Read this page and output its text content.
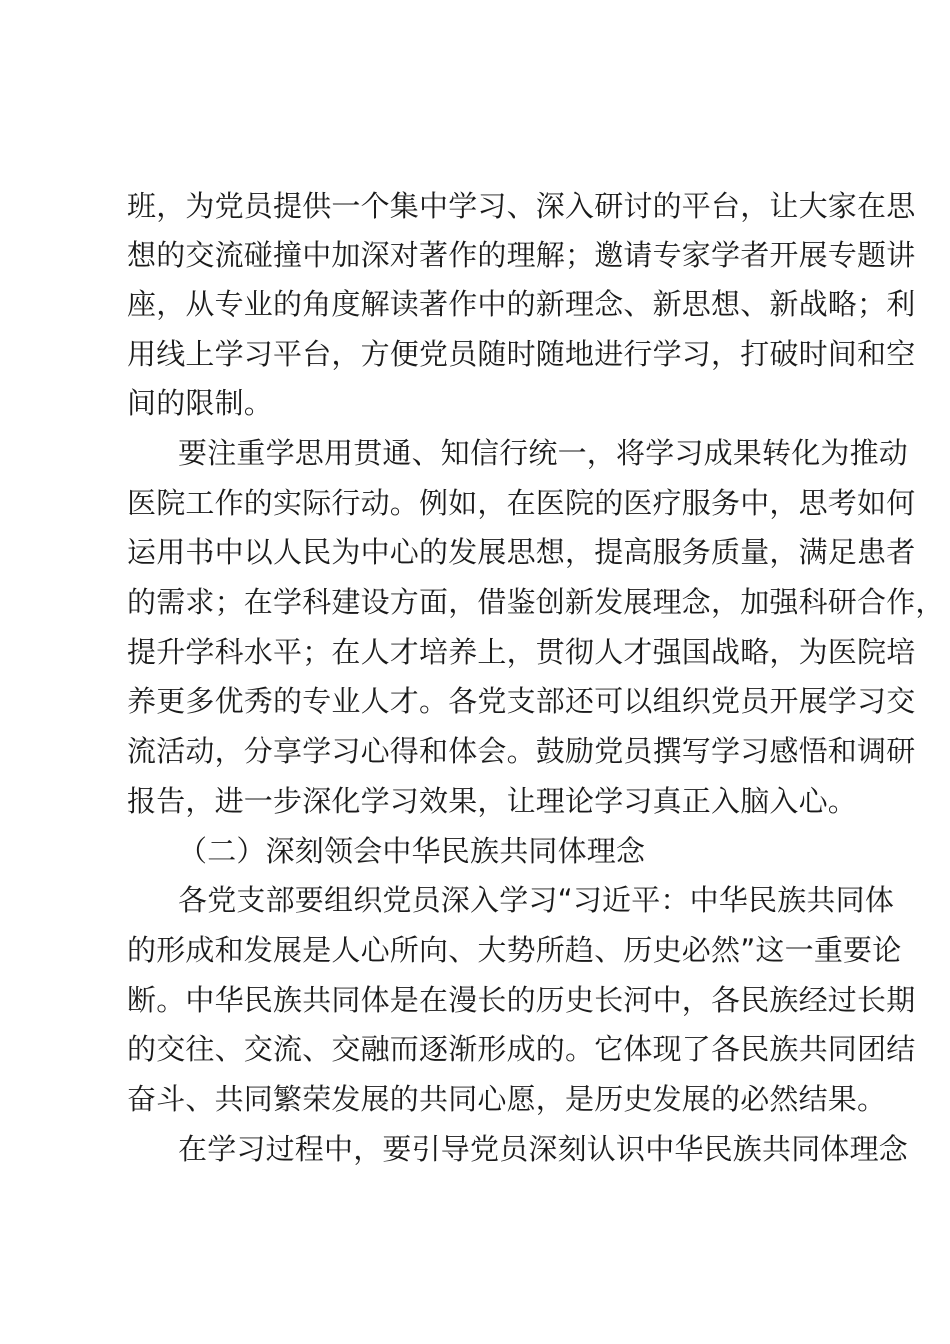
班，为党员提供一个集中学习、深入研讨的平台，让大家在思
想的交流碰撞中加深对著作的理解；邀请专家学者开展专题讲
座，从专业的角度解读著作中的新理念、新思想、新战略；利
用线上学习平台，方便党员随时随地进行学习，打破时间和空
间的限制。
要注重学思用贯通、知信行统一，将学习成果转化为推动
医院工作的实际行动。例如，在医院的医疗服务中，思考如何
运用书中以人民为中心的发展思想，提高服务质量，满足患者
的需求；在学科建设方面，借鉴创新发展理念，加强科研合作，
提升学科水平；在人才培养上，贯彻人才强国战略，为医院培
养更多优秀的专业人才。各党支部还可以组织党员开展学习交
流活动，分享学习心得和体会。鼓励党员撰写学习感悟和调研
报告，进一步深化学习效果，让理论学习真正入脑入心。
（二）深刻领会中华民族共同体理念
各党支部要组织党员深入学习“习近平：中华民族共同体
的形成和发展是人心所向、大势所趋、历史必然”这一重要论
断。中华民族共同体是在漫长的历史长河中，各民族经过长期
的交往、交流、交融而逐渐形成的。它体现了各民族共同团结
奋斗、共同繁荣发展的共同心愿，是历史发展的必然结果。
在学习过程中，要引导党员深刻认识中华民族共同体理念
